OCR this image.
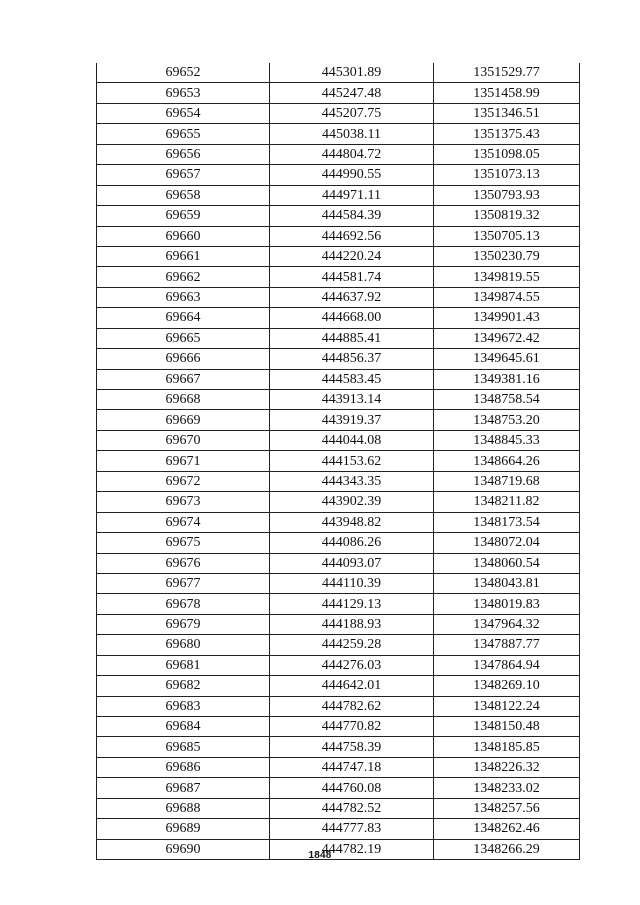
69652	445301.89	1351529.77
69653	445247.48	1351458.99
69654	445207.75	1351346.51
69655	445038.11	1351375.43
69656	444804.72	1351098.05
69657	444990.55	1351073.13
69658	444971.11	1350793.93
69659	444584.39	1350819.32
69660	444692.56	1350705.13
69661	444220.24	1350230.79
69662	444581.74	1349819.55
69663	444637.92	1349874.55
69664	444668.00	1349901.43
69665	444885.41	1349672.42
69666	444856.37	1349645.61
69667	444583.45	1349381.16
69668	443913.14	1348758.54
69669	443919.37	1348753.20
69670	444044.08	1348845.33
69671	444153.62	1348664.26
69672	444343.35	1348719.68
69673	443902.39	1348211.82
69674	443948.82	1348173.54
69675	444086.26	1348072.04
69676	444093.07	1348060.54
69677	444110.39	1348043.81
69678	444129.13	1348019.83
69679	444188.93	1347964.32
69680	444259.28	1347887.77
69681	444276.03	1347864.94
69682	444642.01	1348269.10
69683	444782.62	1348122.24
69684	444770.82	1348150.48
69685	444758.39	1348185.85
69686	444747.18	1348226.32
69687	444760.08	1348233.02
69688	444782.52	1348257.56
69689	444777.83	1348262.46
69690	444782.19	1348266.29
1848
